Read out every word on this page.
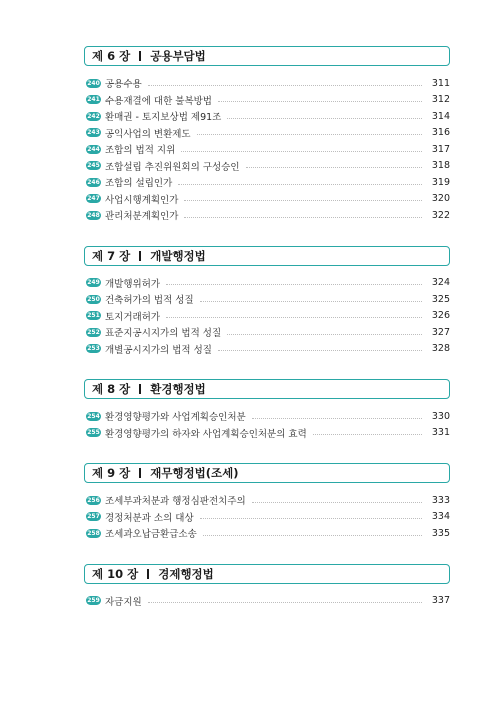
제 6 장 공용부담법
240 공용수용	311
241 수용재결에 대한 불복방법	312
242 환매권 - 토지보상법 제91조	314
243 공익사업의 변환제도	316
244 조합의 법적 지위	317
245 조합설립 추진위원회의 구성승인	318
246 조합의 설립인가	319
247 사업시행계획인가	320
248 관리처분계획인가	322
제 7 장 개발행정법
249 개발행위허가	324
250 건축허가의 법적 성질	325
251 토지거래허가	326
252 표준지공시지가의 법적 성질	327
253 개별공시지가의 법적 성질	328
제 8 장 환경행정법
254 환경영향평가와 사업계획승인처분	330
255 환경영향평가의 하자와 사업계획승인처분의 효력	331
제 9 장 재무행정법(조세)
256 조세부과처분과 행정심판전치주의	333
257 경정처분과 소의 대상	334
258 조세과오납금환급소송	335
제 10 장 경제행정법
259 자금지원	337
